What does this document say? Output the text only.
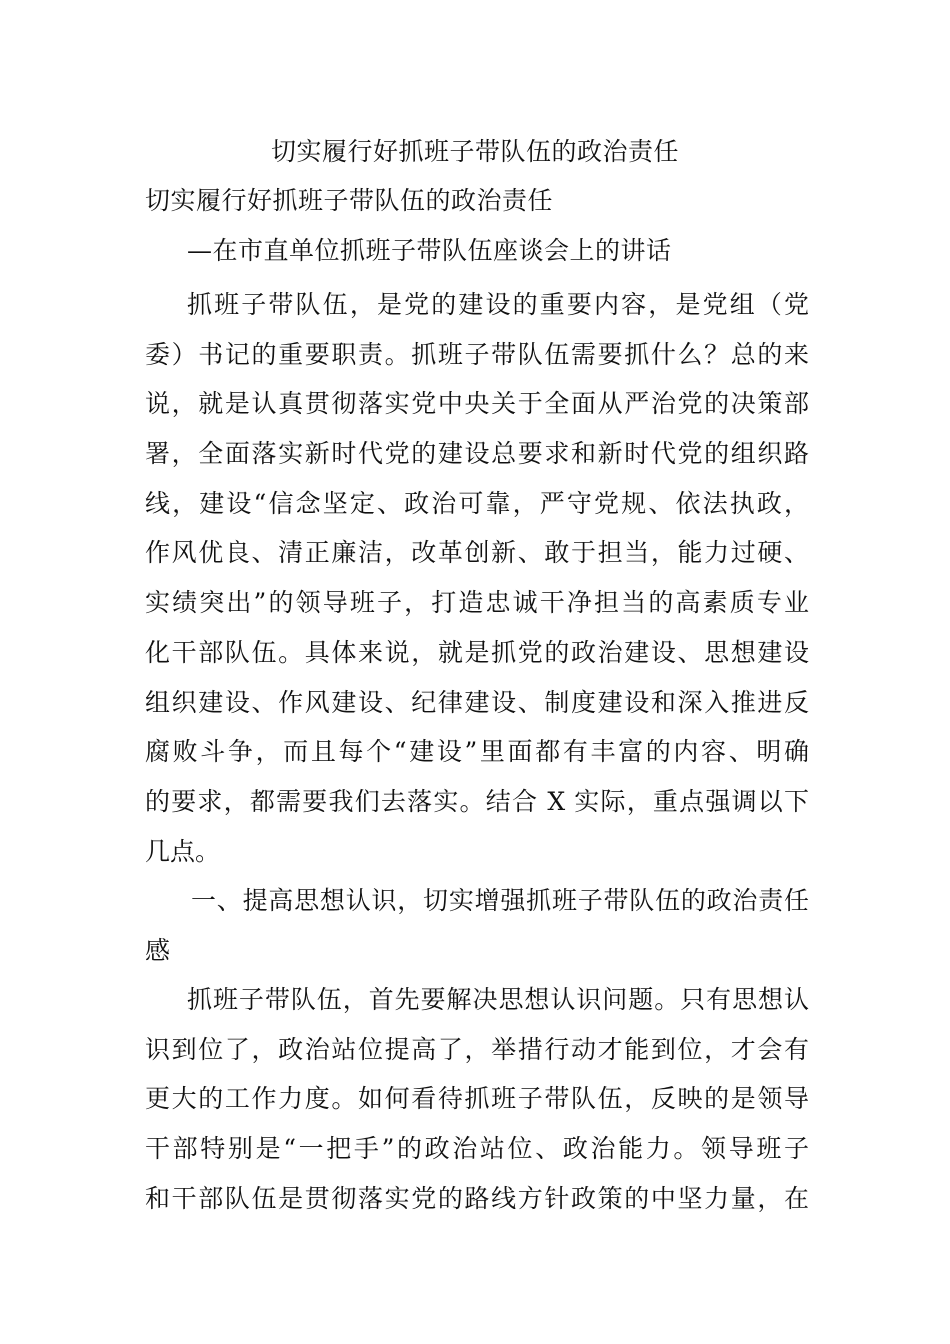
切实履行好抓班子带队伍的政治责任
切实履行好抓班子带队伍的政治责任
—在市直单位抓班子带队伍座谈会上的讲话
抓班子带队伍，是党的建设的重要内容，是党组（党
委）书记的重要职责。抓班子带队伍需要抓什么？总的来
说，就是认真贯彻落实党中央关于全面从严治党的决策部
署，全面落实新时代党的建设总要求和新时代党的组织路
线，建设“信念坚定、政治可靠，严守党规、依法执政，
作风优良、清正廉洁，改革创新、敢于担当，能力过硬、
实绩突出”的领导班子，打造忠诚干净担当的高素质专业
化干部队伍。具体来说，就是抓党的政治建设、思想建设
组织建设、作风建设、纪律建设、制度建设和深入推进反
腐败斗争，而且每个“建设”里面都有丰富的内容、明确
的要求，都需要我们去落实。结合 X 实际，重点强调以下
几点。
一、提高思想认识，切实增强抓班子带队伍的政治责任
感
抓班子带队伍，首先要解决思想认识问题。只有思想认
识到位了，政治站位提高了，举措行动才能到位，才会有
更大的工作力度。如何看待抓班子带队伍，反映的是领导
干部特别是“一把手”的政治站位、政治能力。领导班子
和干部队伍是贯彻落实党的路线方针政策的中坚力量，在
